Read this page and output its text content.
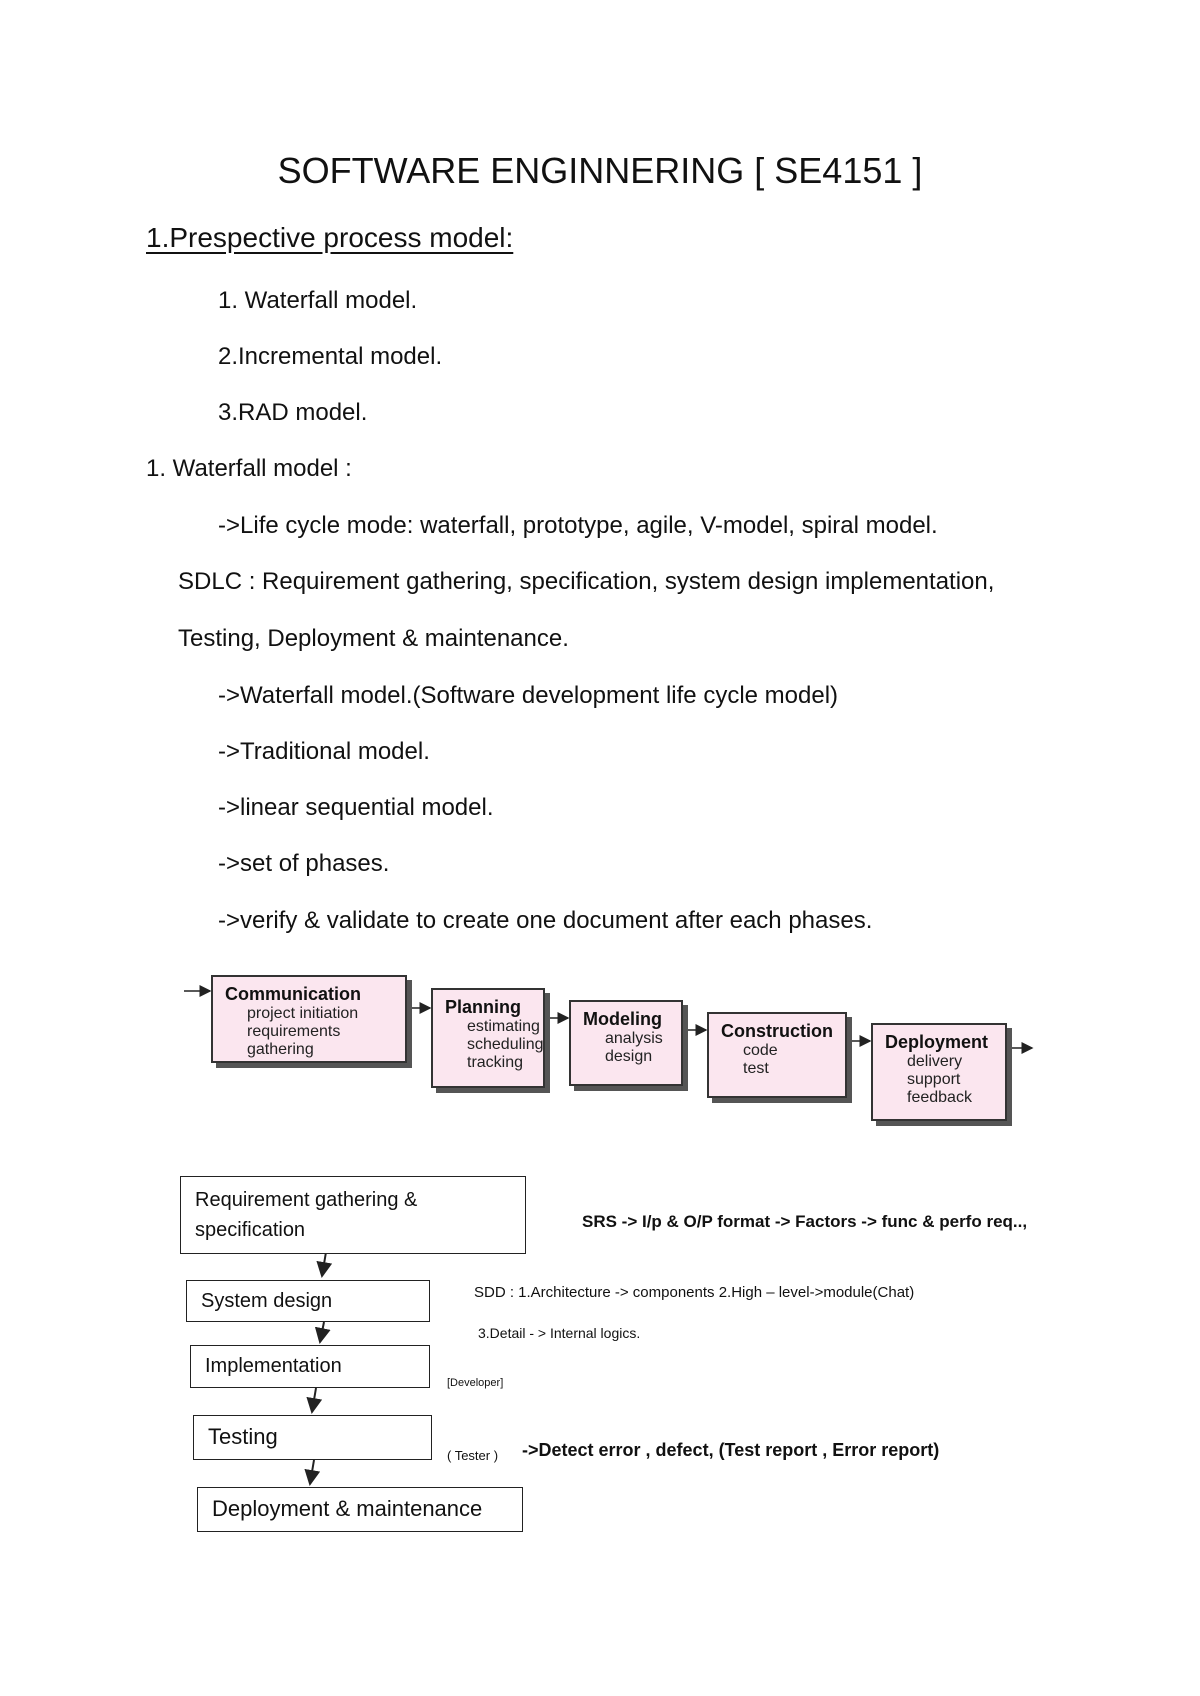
SOFTWARE ENGINNERING [ SE4151 ]
1.Prespective process model:
1. Waterfall model.
2.Incremental model.
3.RAD model.
1. Waterfall model :
->Life cycle mode: waterfall, prototype, agile, V-model, spiral model.
SDLC : Requirement gathering, specification, system design implementation,
Testing, Deployment & maintenance.
->Waterfall model.(Software development life cycle model)
->Traditional model.
->linear sequential model.
->set of phases.
->verify & validate to create one document after each phases.
Communication
project initiation
requirements gathering
Planning
estimating
scheduling
tracking
Modeling
analysis
design
Construction
code
test
Deployment
delivery
support
feedback
Requirement gathering &
specification
System design
Implementation
Testing
Deployment & maintenance
SRS -> I/p & O/P format -> Factors -> func & perfo req..,
SDD : 1.Architecture -> components 2.High – level->module(Chat)
3.Detail - > Internal logics.
[Developer]
( Tester ) ->Detect error , defect, (Test report , Error report)
